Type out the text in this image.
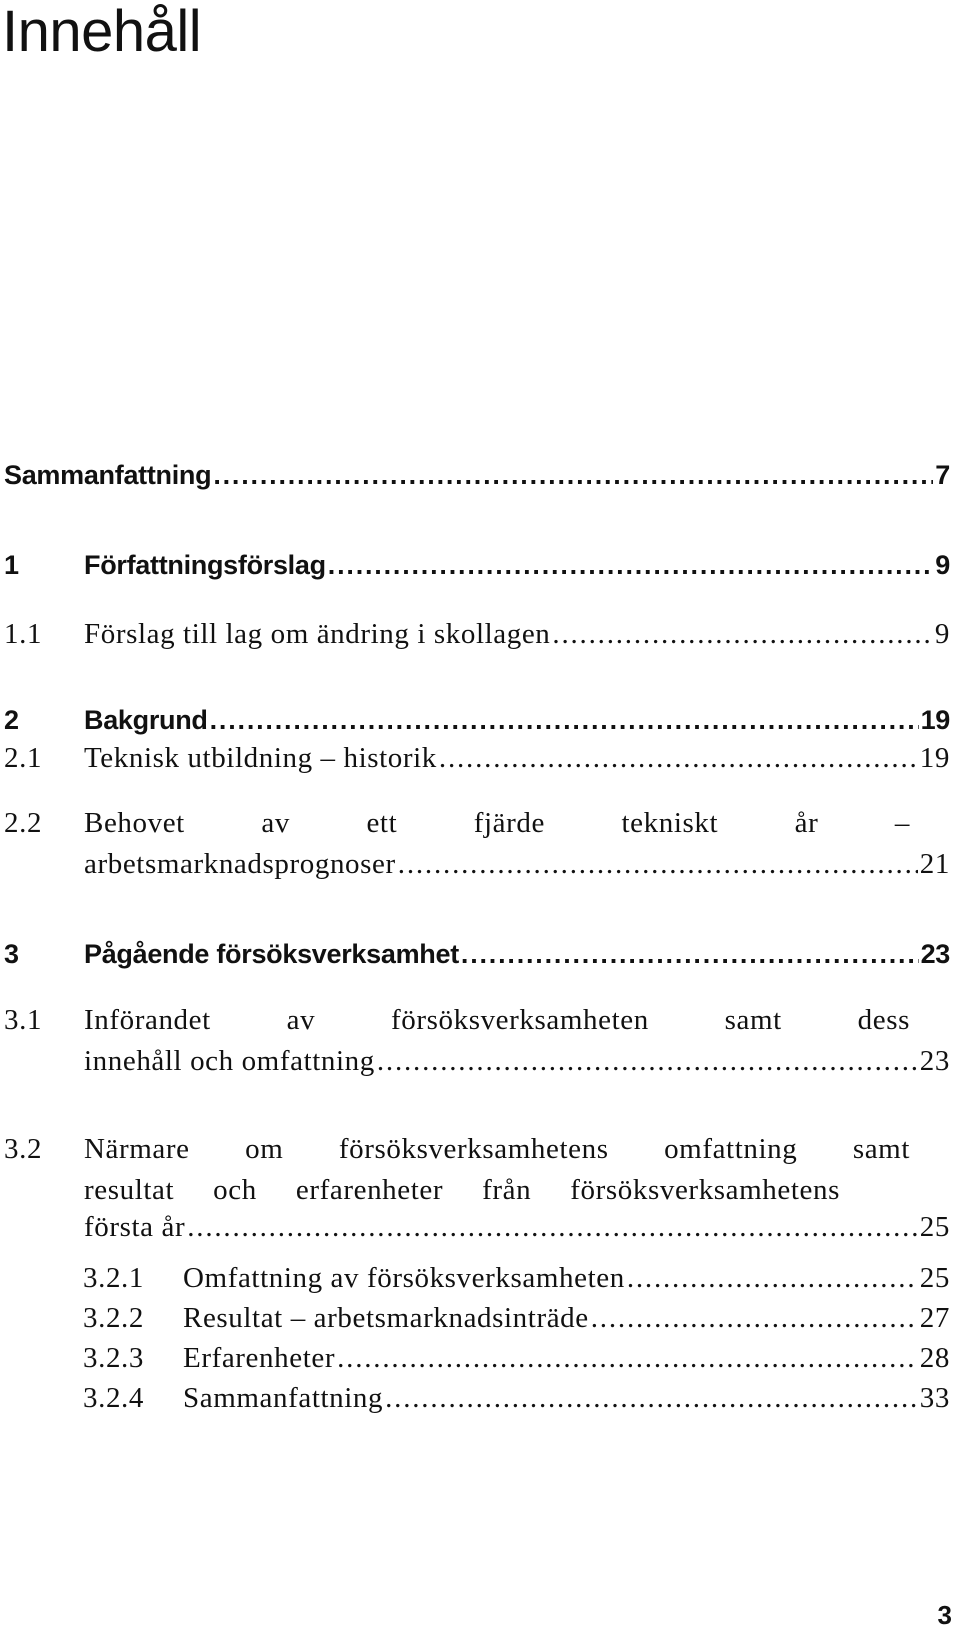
Innehåll
Sammanfattning .....	7
1	Författningsförslag .....	9
1.1	Förslag till lag om ändring i skollagen .....	9
2	Bakgrund .....	19
2.1	Teknisk utbildning – historik .....	19
2.2	Behovet av ett fjärde tekniskt år –
arbetsmarknadsprognoser .....	21
3	Pågående försöksverksamhet .....	23
3.1	Införandet av försöksverksamheten samt dess
innehåll och omfattning .....	23
3.2	Närmare om försöksverksamhetens omfattning samt
resultat och erfarenheter från försöksverksamhetens
första år .....	25
3.2.1	Omfattning av försöksverksamheten .....	25
3.2.2	Resultat – arbetsmarknadsinträde .....	27
3.2.3	Erfarenheter .....	28
3.2.4	Sammanfattning .....	33
3
